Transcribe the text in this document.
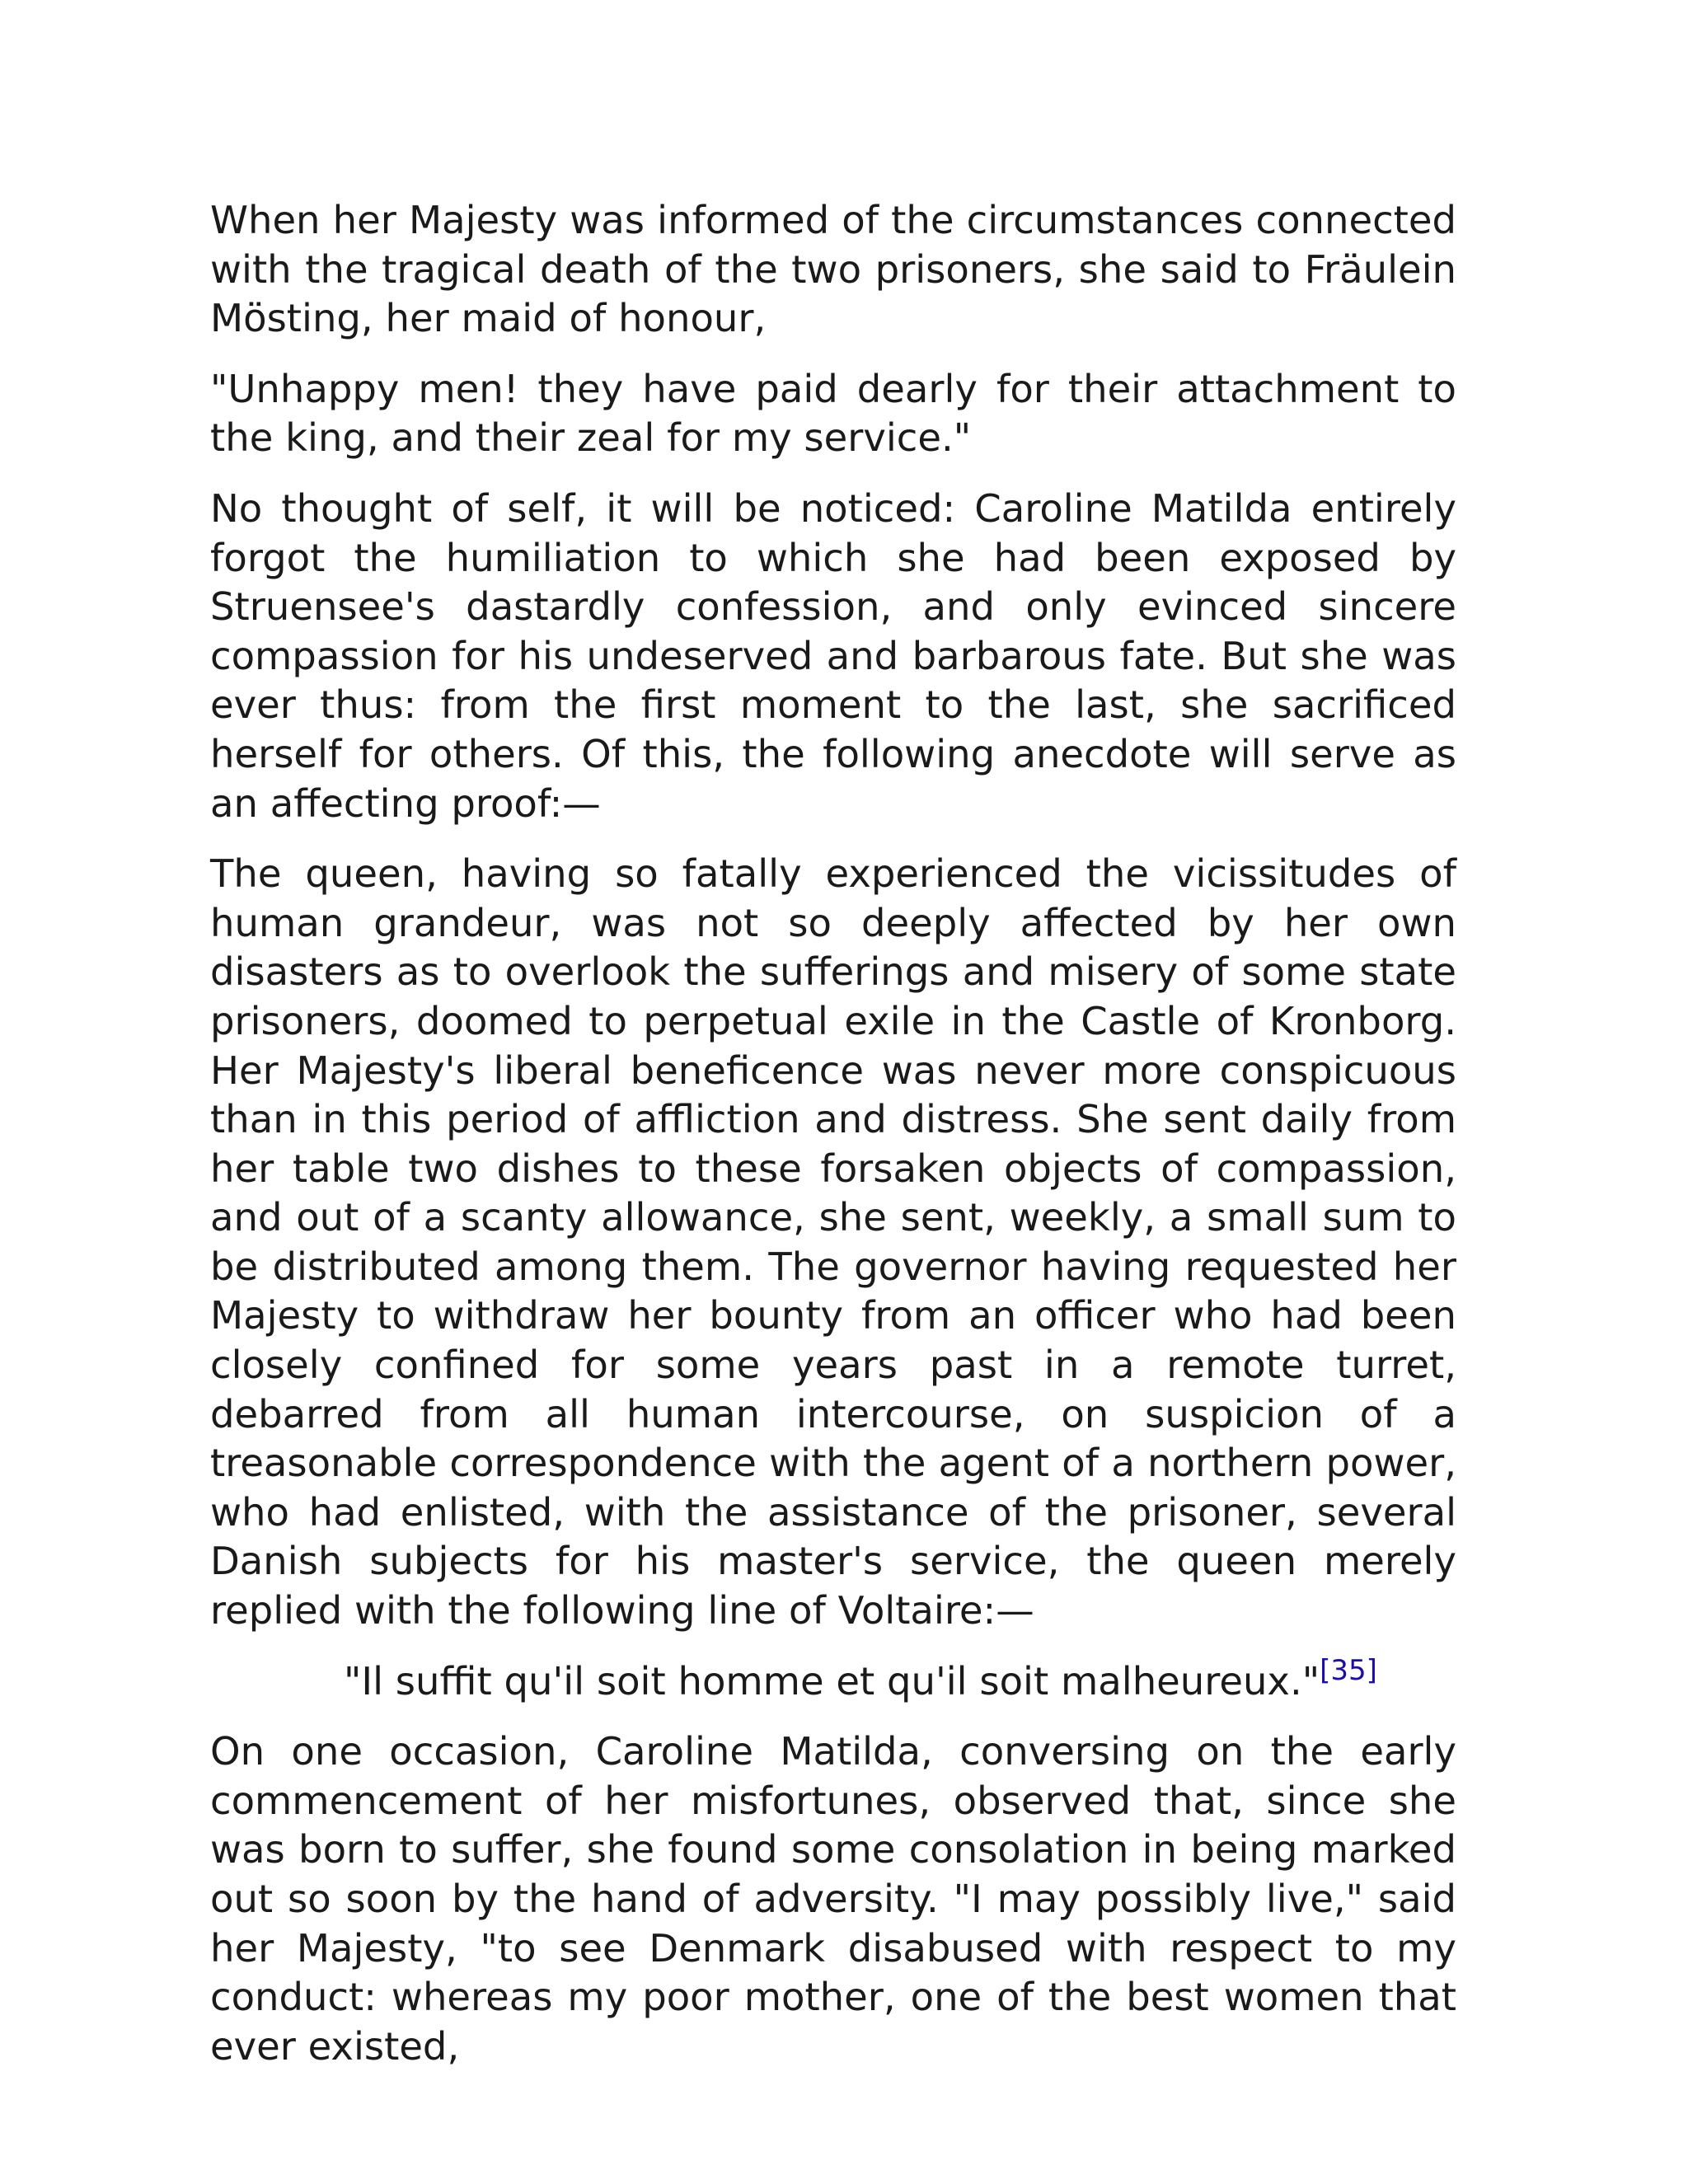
When her Majesty was informed of the circumstances connected with the tragical death of the two prisoners, she said to Fräulein Mösting, her maid of honour,

"Unhappy men! they have paid dearly for their attachment to the king, and their zeal for my service."

No thought of self, it will be noticed: Caroline Matilda entirely forgot the humiliation to which she had been exposed by Struensee's dastardly confession, and only evinced sincere compassion for his undeserved and barbarous fate. But she was ever thus: from the first moment to the last, she sacrificed herself for others. Of this, the following anecdote will serve as an affecting proof:—

The queen, having so fatally experienced the vicissitudes of human grandeur, was not so deeply affected by her own disasters as to overlook the sufferings and misery of some state prisoners, doomed to perpetual exile in the Castle of Kronborg. Her Majesty's liberal beneficence was never more conspicuous than in this period of affliction and distress. She sent daily from her table two dishes to these forsaken objects of compassion, and out of a scanty allowance, she sent, weekly, a small sum to be distributed among them. The governor having requested her Majesty to withdraw her bounty from an officer who had been closely confined for some years past in a remote turret, debarred from all human intercourse, on suspicion of a treasonable correspondence with the agent of a northern power, who had enlisted, with the assistance of the prisoner, several Danish subjects for his master's service, the queen merely replied with the following line of Voltaire:—

"Il suffit qu'il soit homme et qu'il soit malheureux."[35]

On one occasion, Caroline Matilda, conversing on the early commencement of her misfortunes, observed that, since she was born to suffer, she found some consolation in being marked out so soon by the hand of adversity. "I may possibly live," said her Majesty, "to see Denmark disabused with respect to my conduct: whereas my poor mother, one of the best women that ever existed,
